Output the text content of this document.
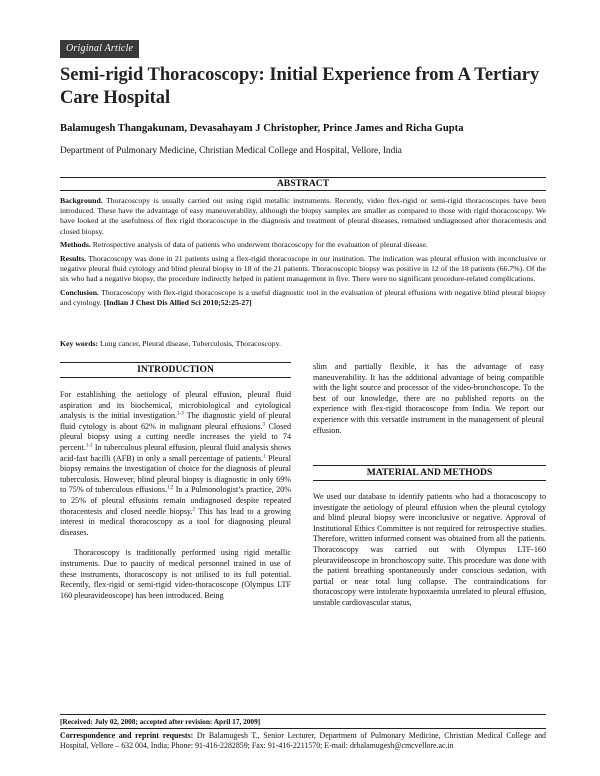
Original Article
Semi-rigid Thoracoscopy: Initial Experience from A Tertiary Care Hospital
Balamugesh Thangakunam, Devasahayam J Christopher, Prince James and Richa Gupta
Department of Pulmonary Medicine, Christian Medical College and Hospital, Vellore, India
ABSTRACT

Background. Thoracoscopy is usually carried out using rigid metallic instruments. Recently, video flex-rigid or semi-rigid thoracoscopes have been introduced. These have the advantage of easy maneuverability, although the biopsy samples are smaller as compared to those with rigid thoracoscopy. We have looked at the usefulness of flex rigid thoracoscope in the diagnosis and treatment of pleural diseases, remained undiagnosed after thoracentesis and closed biopsy.

Methods. Retrospective analysis of data of patients who underwent thoracoscopy for the evaluation of pleural disease.

Results. Thoracoscopy was done in 21 patients using a flex-rigid thoracoscope in our institution. The indication was pleural effusion with inconclusive or negative pleural fluid cytology and blind pleural biopsy in 18 of the 21 patients. Thoracoscopic biopsy was positive in 12 of the 18 patients (66.7%). Of the six who had a negative biopsy, the procedure indirectly helped in patient management in five. There were no significant procedure-related complications.

Conclusion. Thoracoscopy with flex-rigid thoracoscope is a useful diagnostic tool in the evaluation of pleural effusions with negative blind pleural biopsy and cytology. [Indian J Chest Dis Allied Sci 2010;52:25-27]

Key words: Lung cancer, Pleural disease, Tuberculosis, Thoracoscopy.
INTRODUCTION

For establishing the aetiology of pleural effusion, pleural fluid aspiration and its biochemical, microbiological and cytological analysis is the initial investigation.$^{1-3}$ The diagnostic yield of pleural fluid cytology is about 62% in malignant pleural effusions.$^3$ Closed pleural biopsy using a cutting needle increases the yield to 74 percent.$^{1-3}$ In tuberculous pleural effusion, pleural fluid analysis shows acid-fast bacilli (AFB) in only a small percentage of patients.$^1$ Pleural biopsy remains the investigation of choice for the diagnosis of pleural tuberculosis. However, blind pleural biopsy is diagnostic in only 69% to 75% of tuberculous effusions.$^{1,2}$ In a Pulmonologist’s practice, 20% to 25% of pleural effusions remain undiagnosed despite repeated thoracentesis and closed needle biopsy.$^2$ This has lead to a growing interest in medical thoracoscopy as a tool for diagnosing pleural diseases.

Thoracoscopy is traditionally performed using rigid metallic instruments. Due to paucity of medical personnel trained in use of these instruments, thoracoscopy is not utilised to its full potential. Recently, flex-rigid or semi-rigid video-thoracoscope (Olympus LTF 160 pleuravideoscope) has been introduced. Being

slim and partially flexible, it has the advantage of easy maneuverability. It has the additional advantage of being compatible with the light source and processor of the video-bronchoscope. To the best of our knowledge, there are no published reports on the experience with flex-rigid thoracoscope from India. We report our experience with this versatile instrument in the management of pleural effusion.

MATERIAL AND METHODS

We used our database to identify patients who had a thoracoscopy to investigate the aetiology of pleural effusion when the pleural cytology and blind pleural biopsy were inconclusive or negative. Approval of Institutional Ethics Committee is not required for retrospective studies. Therefore, written informed consent was obtained from all the patients. Thoracoscopy was carried out with Olympus LTF-160 pleuravideoscope in bronchoscopy suite. This procedure was done with the patient breathing spontaneously under conscious sedation, with partial or near total lung collapse. The contraindications for thoracoscopy were intolerate hypoxaemia unrelated to pleural effusion, unstable cardiovascular status,

[Received: July 02, 2008; accepted after revision: April 17, 2009]
Correspondence and reprint requests: Dr Balamugesh T., Senior Lecturer, Department of Pulmonary Medicine, Christian Medical College and Hospital, Vellore – 632 004, India; Phone: 91-416-2282859; Fax: 91-416-2211570; E-mail: drbalamugesh@cmcvellore.ac.in
